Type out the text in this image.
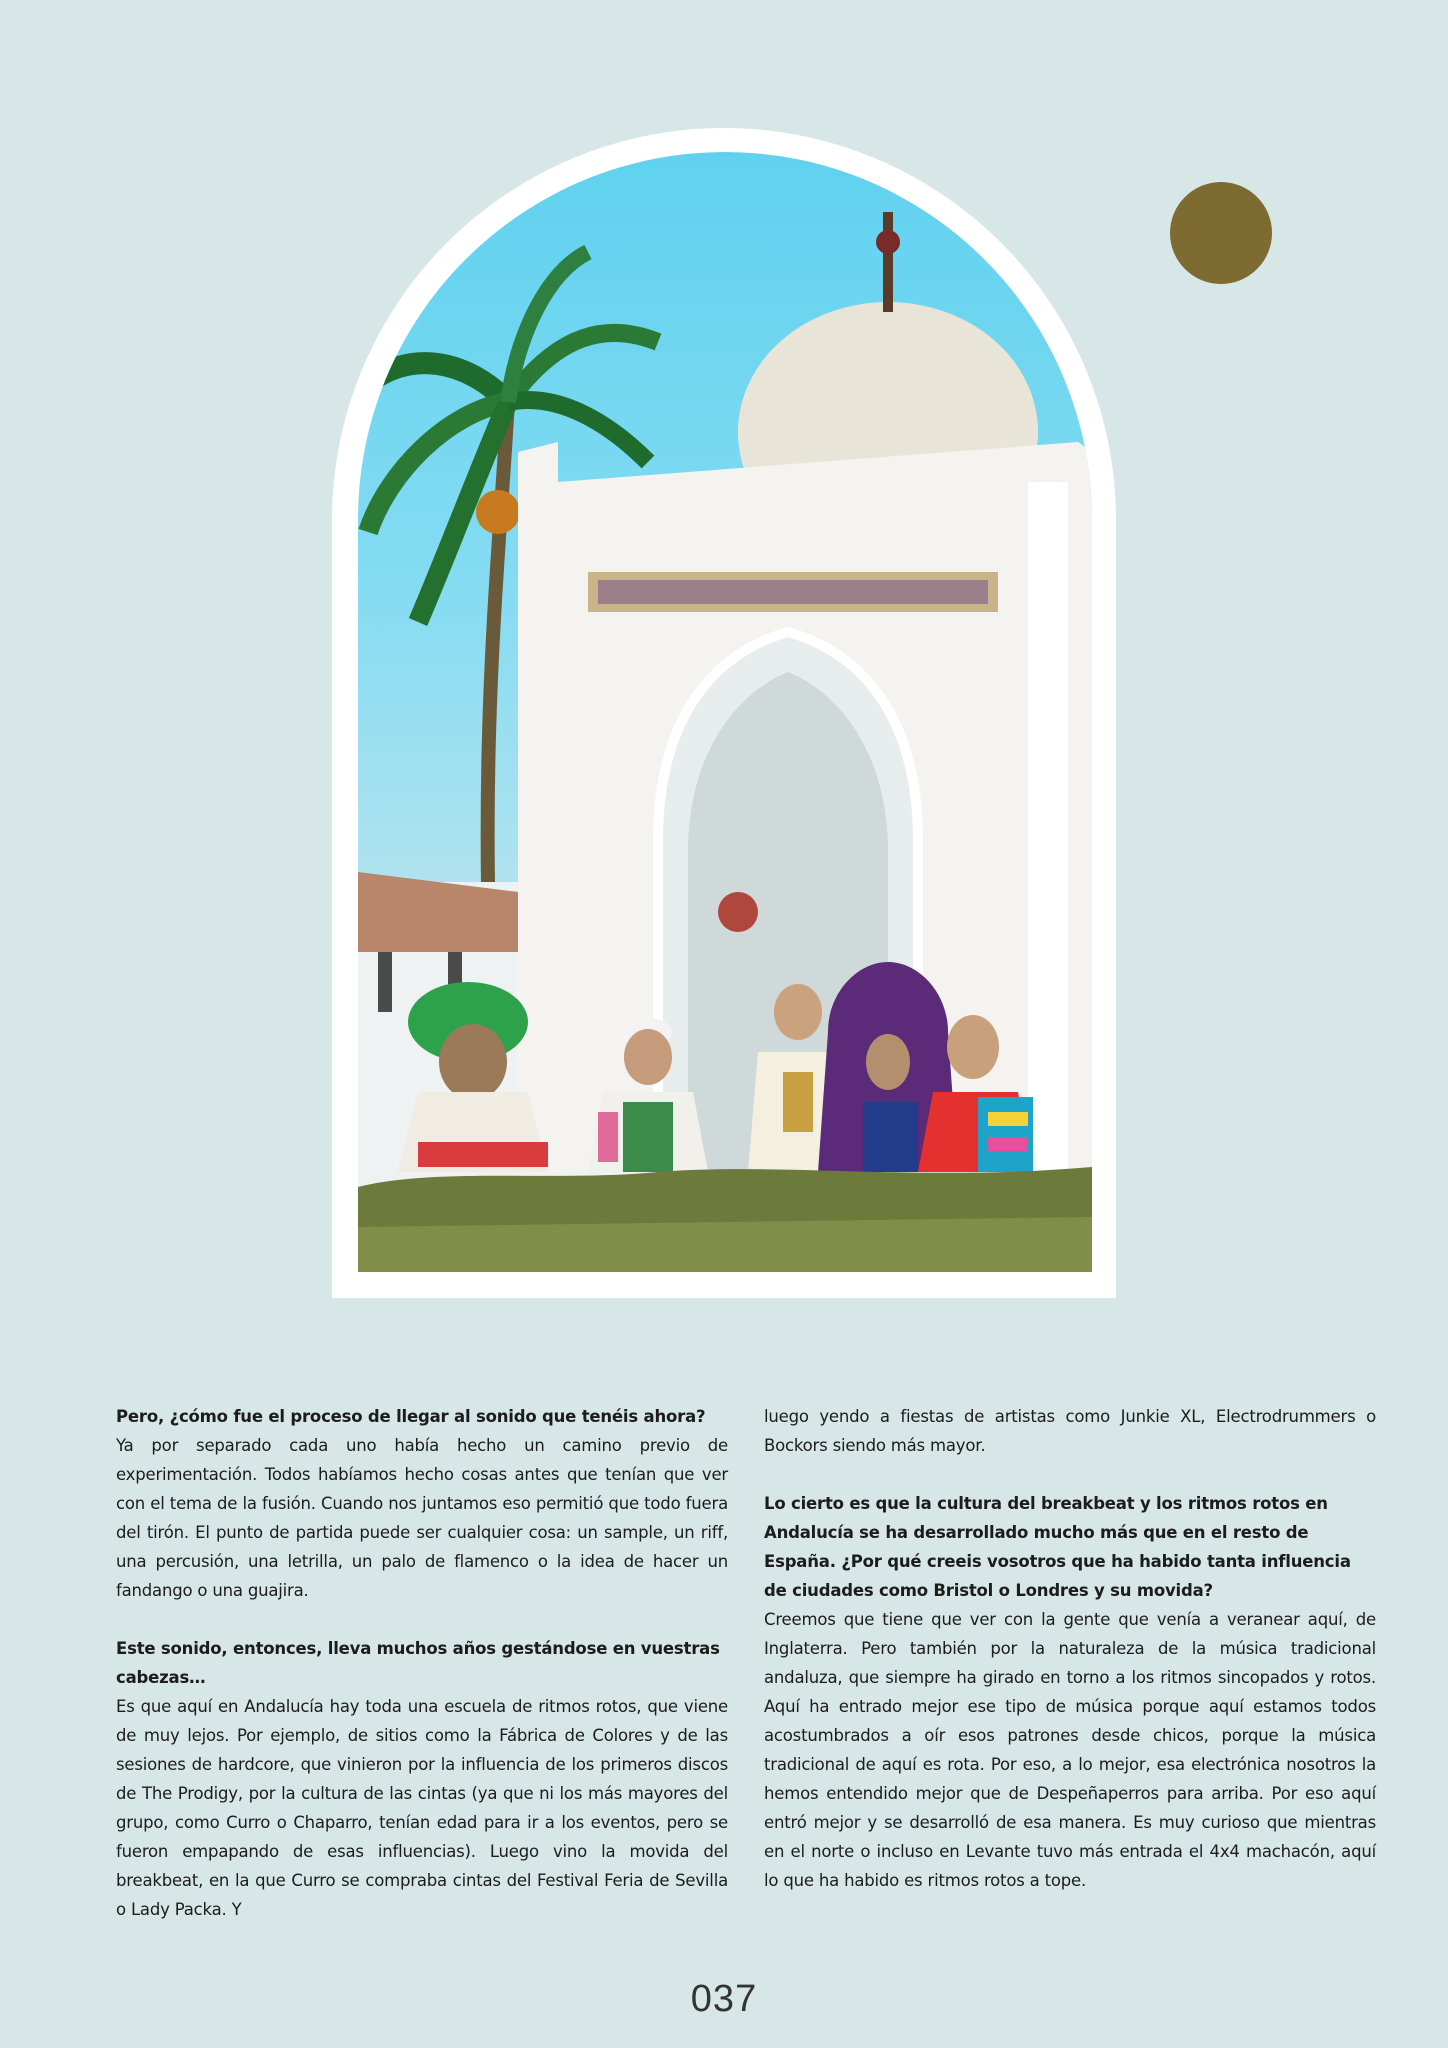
Pero, ¿cómo fue el proceso de llegar al sonido que tenéis ahora?

Ya por separado cada uno había hecho un camino previo de experimentación. Todos habíamos hecho cosas antes que tenían que ver con el tema de la fusión. Cuando nos juntamos eso permitió que todo fuera del tirón. El punto de partida puede ser cualquier cosa: un sample, un riff, una percusión, una letrilla, un palo de flamenco o la idea de hacer un fandango o una guajira.

Este sonido, entonces, lleva muchos años gestándose en vuestras cabezas…

Es que aquí en Andalucía hay toda una escuela de ritmos rotos, que viene de muy lejos. Por ejemplo, de sitios como la Fábrica de Colores y de las sesiones de hardcore, que vinieron por la influencia de los primeros discos de The Prodigy, por la cultura de las cintas (ya que ni los más mayores del grupo, como Curro o Chaparro, tenían edad para ir a los eventos, pero se fueron empapando de esas influencias). Luego vino la movida del breakbeat, en la que Curro se compraba cintas del Festival Feria de Sevilla o Lady Packa. Y

luego yendo a fiestas de artistas como Junkie XL, Electrodrummers o Bockors siendo más mayor.

Lo cierto es que la cultura del breakbeat y los ritmos rotos en Andalucía se ha desarrollado mucho más que en el resto de España. ¿Por qué creeis vosotros que ha habido tanta influencia de ciudades como Bristol o Londres y su movida?

Creemos que tiene que ver con la gente que venía a veranear aquí, de Inglaterra. Pero también por la naturaleza de la música tradicional andaluza, que siempre ha girado en torno a los ritmos sincopados y rotos. Aquí ha entrado mejor ese tipo de música porque aquí estamos todos acostumbrados a oír esos patrones desde chicos, porque la música tradicional de aquí es rota. Por eso, a lo mejor, esa electrónica nosotros la hemos entendido mejor que de Despeñaperros para arriba. Por eso aquí entró mejor y se desarrolló de esa manera. Es muy curioso que mientras en el norte o incluso en Levante tuvo más entrada el 4x4 machacón, aquí lo que ha habido es ritmos rotos a tope.

037
